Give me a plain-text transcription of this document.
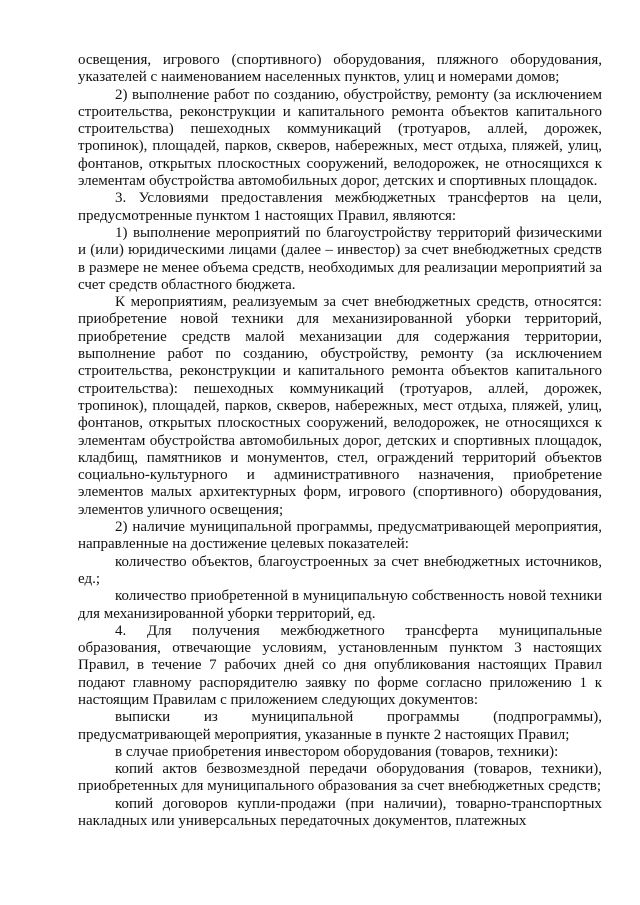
освещения, игрового (спортивного) оборудования, пляжного оборудования, указателей с наименованием населенных пунктов, улиц и номерами домов;

2) выполнение работ по созданию, обустройству, ремонту (за исключением строительства, реконструкции и капитального ремонта объектов капитального строительства) пешеходных коммуникаций (тротуаров, аллей, дорожек, тропинок), площадей, парков, скверов, набережных, мест отдыха, пляжей, улиц, фонтанов, открытых плоскостных сооружений, велодорожек, не относящихся к элементам обустройства автомобильных дорог, детских и спортивных площадок.

3. Условиями предоставления межбюджетных трансфертов на цели, предусмотренные пунктом 1 настоящих Правил, являются:

1) выполнение мероприятий по благоустройству территорий физическими и (или) юридическими лицами (далее – инвестор) за счет внебюджетных средств в размере не менее объема средств, необходимых для реализации мероприятий за счет средств областного бюджета.

К мероприятиям, реализуемым за счет внебюджетных средств, относятся: приобретение новой техники для механизированной уборки территорий, приобретение средств малой механизации для содержания территории, выполнение работ по созданию, обустройству, ремонту (за исключением строительства, реконструкции и капитального ремонта объектов капитального строительства): пешеходных коммуникаций (тротуаров, аллей, дорожек, тропинок), площадей, парков, скверов, набережных, мест отдыха, пляжей, улиц, фонтанов, открытых плоскостных сооружений, велодорожек, не относящихся к элементам обустройства автомобильных дорог, детских и спортивных площадок, кладбищ, памятников и монументов, стел, ограждений территорий объектов социально-культурного и административного назначения, приобретение элементов малых архитектурных форм, игрового (спортивного) оборудования, элементов уличного освещения;

2) наличие муниципальной программы, предусматривающей мероприятия, направленные на достижение целевых показателей:

количество объектов, благоустроенных за счет внебюджетных источников, ед.;

количество приобретенной в муниципальную собственность новой техники для механизированной уборки территорий, ед.

4. Для получения межбюджетного трансферта муниципальные образования, отвечающие условиям, установленным пунктом 3 настоящих Правил, в течение 7 рабочих дней со дня опубликования настоящих Правил подают главному распорядителю заявку по форме согласно приложению 1 к настоящим Правилам с приложением следующих документов:

выписки из муниципальной программы (подпрограммы), предусматривающей мероприятия, указанные в пункте 2 настоящих Правил;

в случае приобретения инвестором оборудования (товаров, техники):

копий актов безвозмездной передачи оборудования (товаров, техники), приобретенных для муниципального образования за счет внебюджетных средств;

копий договоров купли-продажи (при наличии), товарно-транспортных накладных или универсальных передаточных документов, платежных
